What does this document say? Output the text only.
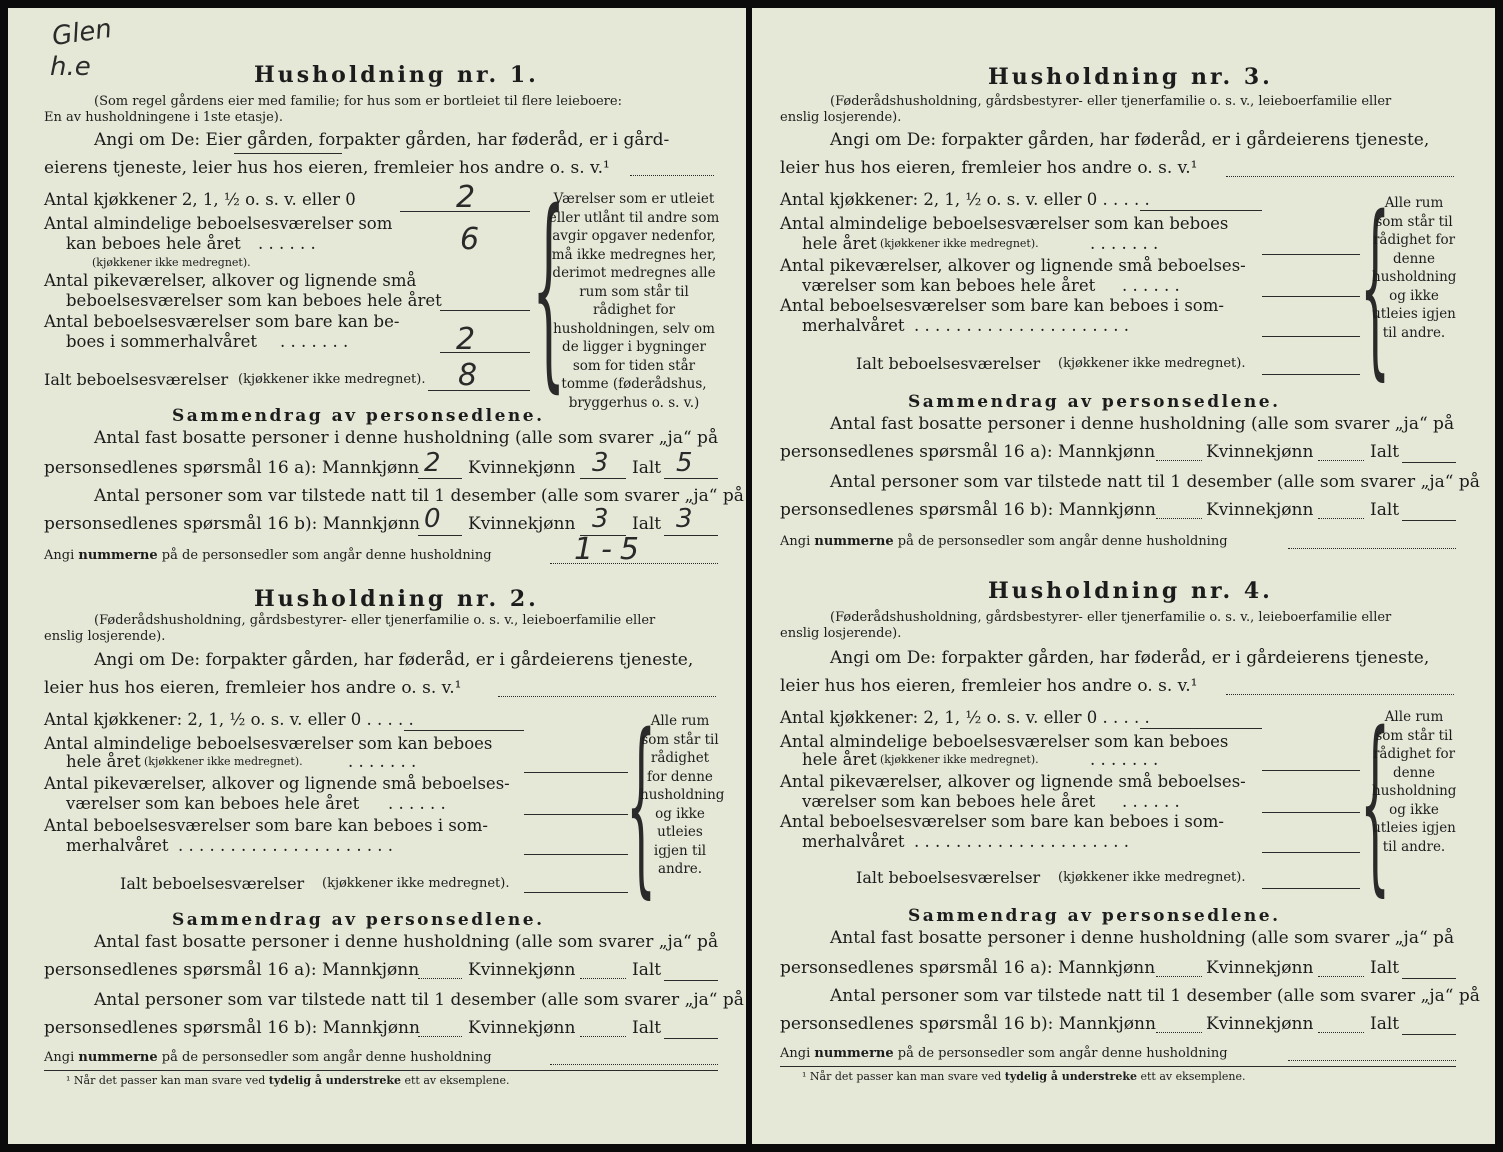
Glen
h.e	Husholdning nr. 1.
(Som regel gårdens eier med familie; for hus som er bortleiet til flere leieboere:
En av husholdningene i 1ste etasje).
Angi om De: Eier gården, forpakter gården, har føderåd, er i gård-
eierens tjeneste, leier hus hos eieren, fremleier hos andre o. s. v.¹
Antal kjøkkener 2, 1, ½ o. s. v. eller 0	2
Antal almindelige beboelsesværelser som
kan beboes hele året . . . . . .	6
(kjøkkener ikke medregnet).
Antal pikeværelser, alkover og lignende små
beboelsesværelser som kan beboes hele året
Antal beboelsesværelser som bare kan be-
boes i sommerhalvåret . . . . . . .	2
Ialt beboelsesværelser (kjøkkener ikke medregnet). 8 {
Værelser som er utleiet eller utlånt til andre som avgir opgaver nedenfor, må ikke medregnes her, derimot medregnes alle rum som står til rådighet for husholdningen, selv om de ligger i bygninger som for tiden står tomme (føderådshus, bryggerhus o. s. v.)
Sammendrag av personsedlene.
Antal fast bosatte personer i denne husholdning (alle som svarer „ja“ på
personsedlenes spørsmål 16 a): Mannkjønn 2 Kvinnekjønn 3 Ialt 5
Antal personer som var tilstede natt til 1 desember (alle som svarer „ja“ på
personsedlenes spørsmål 16 b): Mannkjønn 0 Kvinnekjønn 3 Ialt 3
Angi nummerne på de personsedler som angår denne husholdning	1-5
Husholdning nr. 2.
(Føderådshusholdning, gårdsbestyrer- eller tjenerfamilie o. s. v., leieboerfamilie eller
enslig losjerende).
Angi om De: forpakter gården, har føderåd, er i gårdeierens tjeneste,
leier hus hos eieren, fremleier hos andre o. s. v.¹
Antal kjøkkener: 2, 1, ½ o. s. v. eller 0 . . . . .
Antal almindelige beboelsesværelser som kan beboes
hele året (kjøkkener ikke medregnet).	. . . . . . .
Antal pikeværelser, alkover og lignende små beboelses-
værelser som kan beboes hele året . . . . . .
Antal beboelsesværelser som bare kan beboes i som-
merhalvåret . . . . . . . . . . . . . . . . . . . . .
Ialt beboelsesværelser (kjøkkener ikke medregnet). {
Alle rum som står til rådighet for denne husholdning og ikke utleies igjen til andre.
Sammendrag av personsedlene.
Antal fast bosatte personer i denne husholdning (alle som svarer „ja“ på
personsedlenes spørsmål 16 a): Mannkjønn	Kvinnekjønn	Ialt
Antal personer som var tilstede natt til 1 desember (alle som svarer „ja“ på
personsedlenes spørsmål 16 b): Mannkjønn	Kvinnekjønn	Ialt
Angi nummerne på de personsedler som angår denne husholdning
¹ Når det passer kan man svare ved tydelig å understreke ett av eksemplene.
Husholdning nr. 3.
(Føderådshusholdning, gårdsbestyrer- eller tjenerfamilie o. s. v., leieboerfamilie eller
enslig losjerende).
Angi om De: forpakter gården, har føderåd, er i gårdeierens tjeneste,
leier hus hos eieren, fremleier hos andre o. s. v.¹
Antal kjøkkener: 2, 1, ½ o. s. v. eller 0 . . . . .
Antal almindelige beboelsesværelser som kan beboes
hele året (kjøkkener ikke medregnet).	. . . . . . .
Antal pikeværelser, alkover og lignende små beboelses-
værelser som kan beboes hele året . . . . . .
Antal beboelsesværelser som bare kan beboes i som-
merhalvåret . . . . . . . . . . . . . . . . . . . . .
Ialt beboelsesværelser (kjøkkener ikke medregnet). {
Alle rum som står til rådighet for denne husholdning og ikke utleies igjen til andre.
Sammendrag av personsedlene.
Antal fast bosatte personer i denne husholdning (alle som svarer „ja“ på
personsedlenes spørsmål 16 a): Mannkjønn	Kvinnekjønn	Ialt
Antal personer som var tilstede natt til 1 desember (alle som svarer „ja“ på
personsedlenes spørsmål 16 b): Mannkjønn	Kvinnekjønn	Ialt
Angi nummerne på de personsedler som angår denne husholdning
Husholdning nr. 4.
(Føderådshusholdning, gårdsbestyrer- eller tjenerfamilie o. s. v., leieboerfamilie eller
enslig losjerende).
Angi om De: forpakter gården, har føderåd, er i gårdeierens tjeneste,
leier hus hos eieren, fremleier hos andre o. s. v.¹
Antal kjøkkener: 2, 1, ½ o. s. v. eller 0 . . . . .
Antal almindelige beboelsesværelser som kan beboes
hele året (kjøkkener ikke medregnet).	. . . . . . .
Antal pikeværelser, alkover og lignende små beboelses-
værelser som kan beboes hele året . . . . . .
Antal beboelsesværelser som bare kan beboes i som-
merhalvåret . . . . . . . . . . . . . . . . . . . . .
Ialt beboelsesværelser (kjøkkener ikke medregnet). {
Alle rum som står til rådighet for denne husholdning og ikke utleies igjen til andre.
Sammendrag av personsedlene.
Antal fast bosatte personer i denne husholdning (alle som svarer „ja“ på
personsedlenes spørsmål 16 a): Mannkjønn	Kvinnekjønn	Ialt
Antal personer som var tilstede natt til 1 desember (alle som svarer „ja“ på
personsedlenes spørsmål 16 b): Mannkjønn	Kvinnekjønn	Ialt
Angi nummerne på de personsedler som angår denne husholdning
¹ Når det passer kan man svare ved tydelig å understreke ett av eksemplene.
